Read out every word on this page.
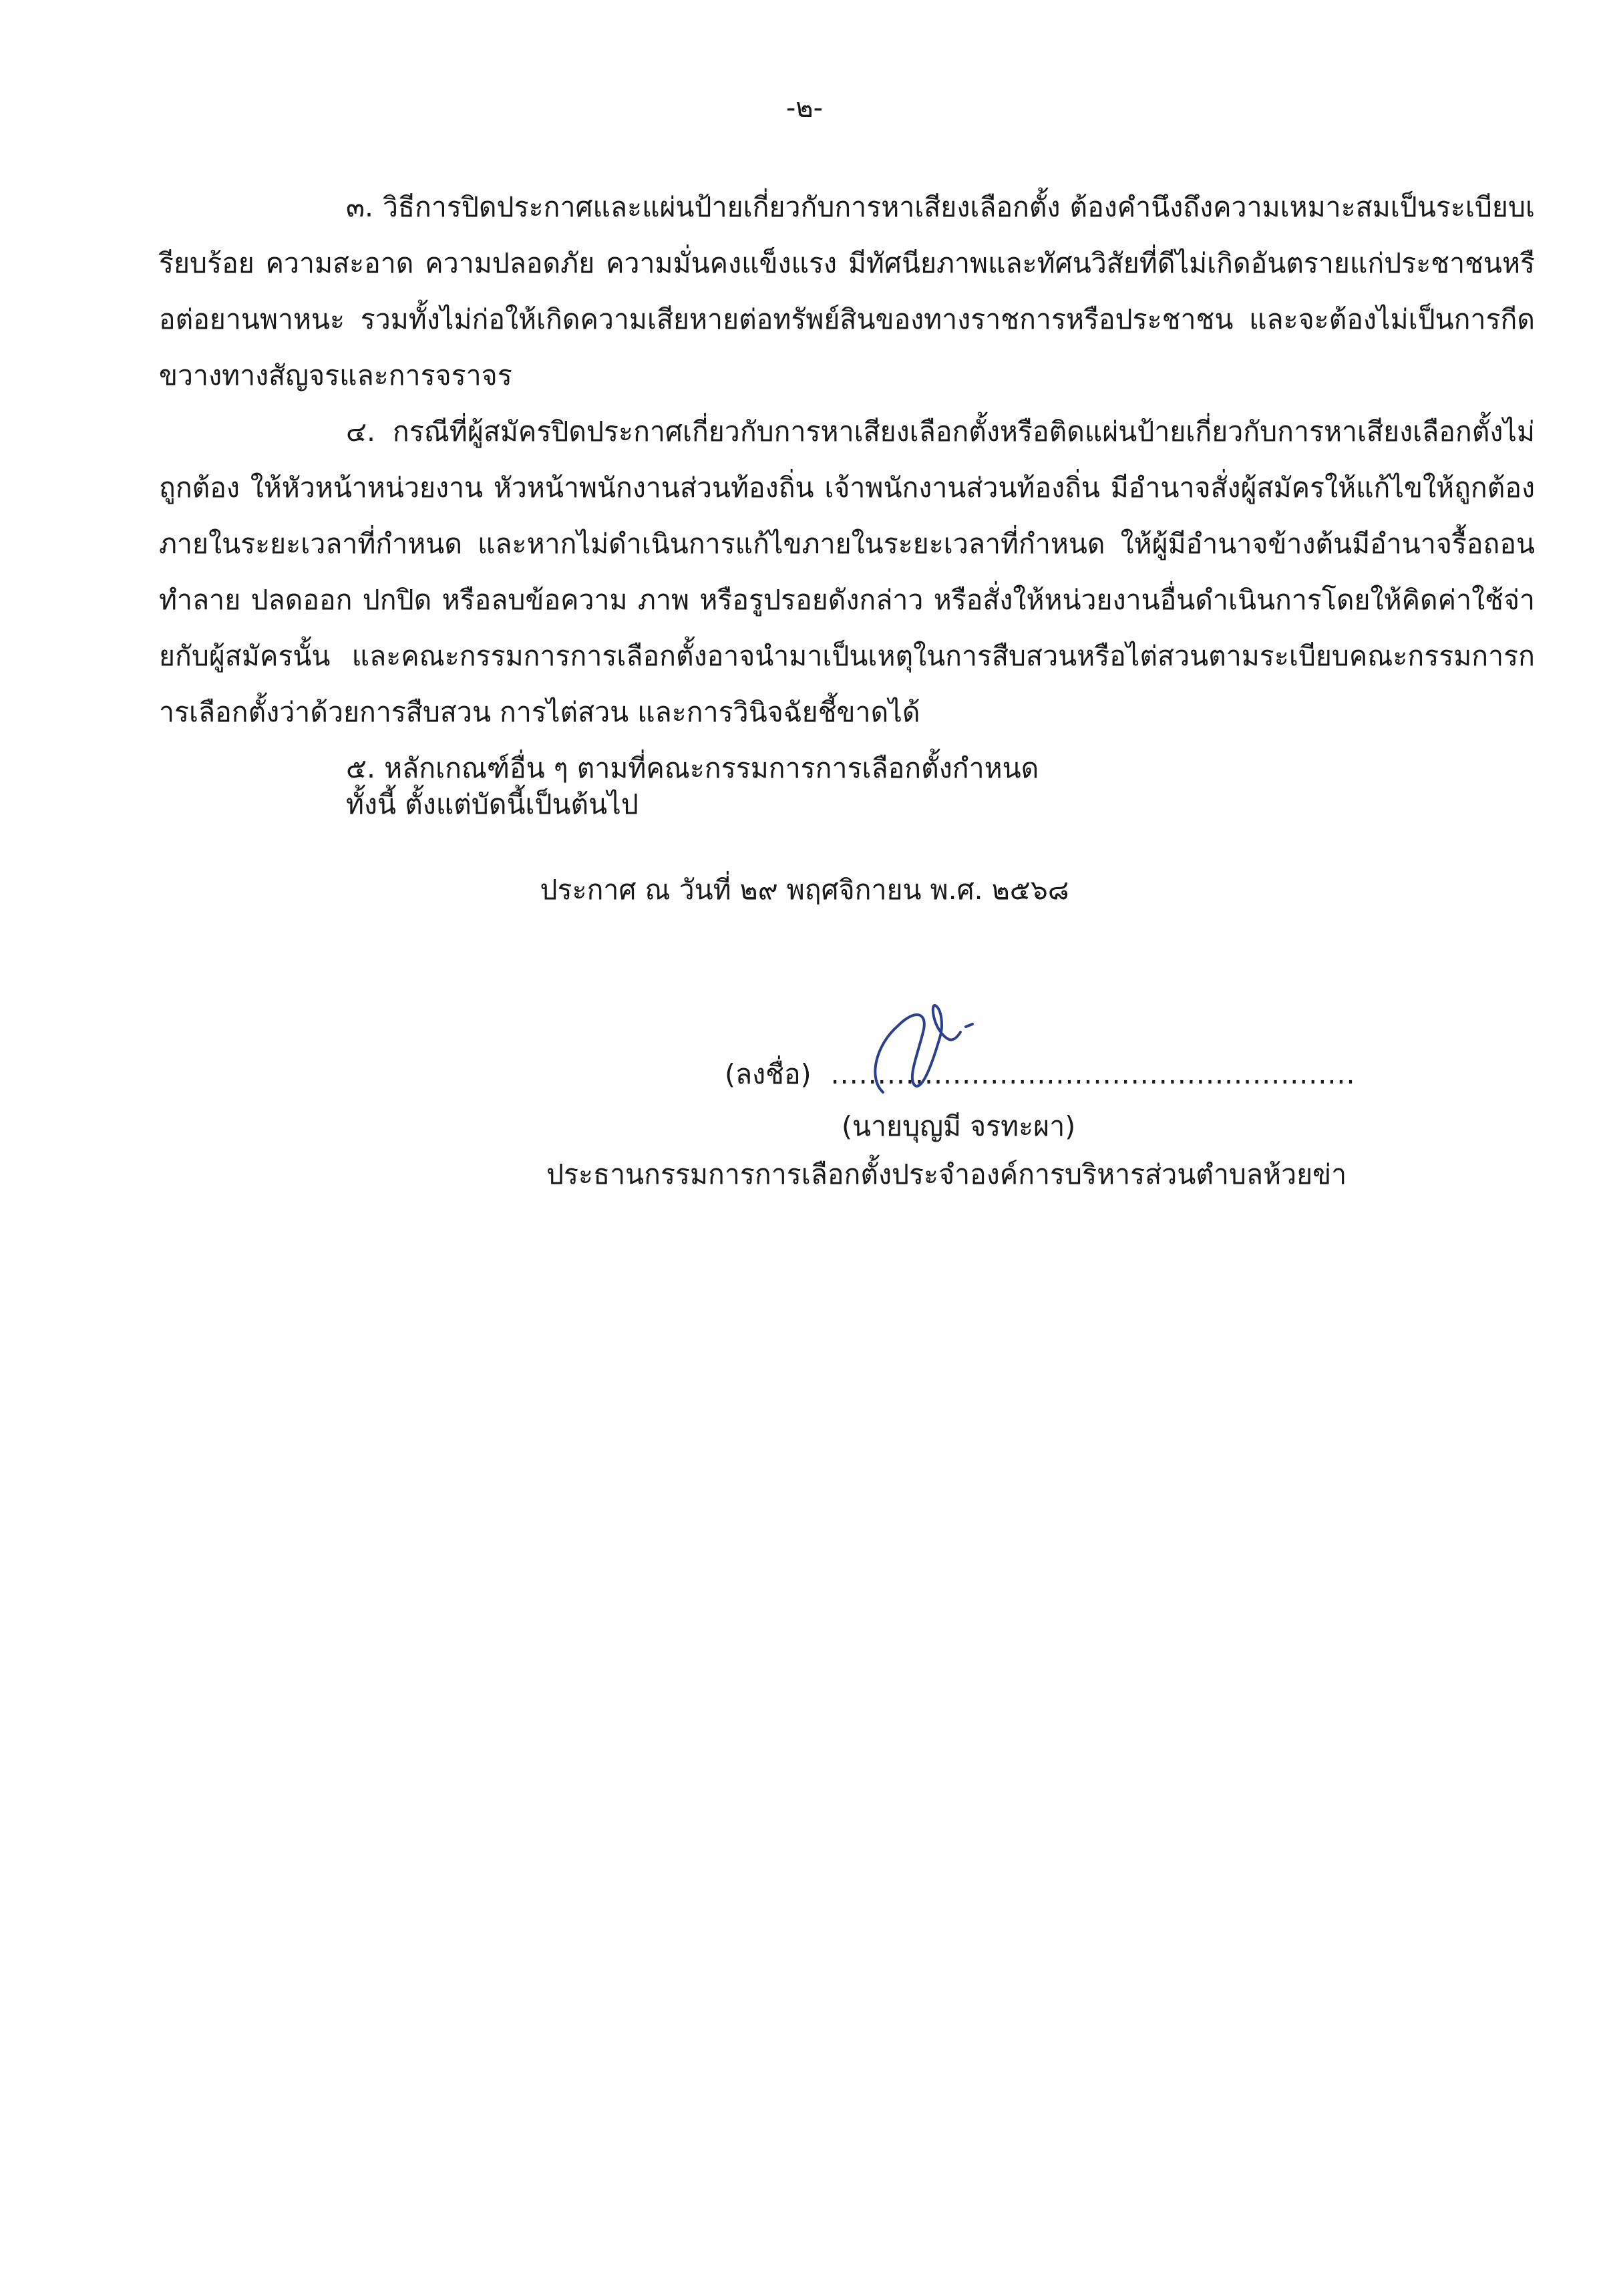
-๒-

๓. วิธีการปิดประกาศและแผ่นป้ายเกี่ยวกับการหาเสียงเลือกตั้ง ต้องคำนึงถึงความเหมาะสมเป็นระเบียบเรียบร้อย ความสะอาด ความปลอดภัย ความมั่นคงแข็งแรง มีทัศนียภาพและทัศนวิสัยที่ดีไม่เกิดอันตรายแก่ประชาชนหรือต่อยานพาหนะ รวมทั้งไม่ก่อให้เกิดความเสียหายต่อทรัพย์สินของทางราชการหรือประชาชน และจะต้องไม่เป็นการกีดขวางทางสัญจรและการจราจร

๔. กรณีที่ผู้สมัครปิดประกาศเกี่ยวกับการหาเสียงเลือกตั้งหรือติดแผ่นป้ายเกี่ยวกับการหาเสียงเลือกตั้งไม่ถูกต้อง ให้หัวหน้าหน่วยงาน หัวหน้าพนักงานส่วนท้องถิ่น เจ้าพนักงานส่วนท้องถิ่น มีอำนาจสั่งผู้สมัครให้แก้ไขให้ถูกต้องภายในระยะเวลาที่กำหนด และหากไม่ดำเนินการแก้ไขภายในระยะเวลาที่กำหนด ให้ผู้มีอำนาจข้างต้นมีอำนาจรื้อถอน ทำลาย ปลดออก ปกปิด หรือลบข้อความ ภาพ หรือรูปรอยดังกล่าว หรือสั่งให้หน่วยงานอื่นดำเนินการโดยให้คิดค่าใช้จ่ายกับผู้สมัครนั้น และคณะกรรมการการเลือกตั้งอาจนำมาเป็นเหตุในการสืบสวนหรือไต่สวนตามระเบียบคณะกรรมการการเลือกตั้งว่าด้วยการสืบสวน การไต่สวน และการวินิจฉัยชี้ขาดได้

๕. หลักเกณฑ์อื่น ๆ ตามที่คณะกรรมการการเลือกตั้งกำหนด

ทั้งนี้ ตั้งแต่บัดนี้เป็นต้นไป
ประกาศ ณ วันที่ ๒๙ พฤศจิกายน พ.ศ. ๒๕๖๘
(ลงชื่อ) ........................................................
(นายบุญมี จรทะผา)
ประธานกรรมการการเลือกตั้งประจำองค์การบริหารส่วนตำบลห้วยข่า
